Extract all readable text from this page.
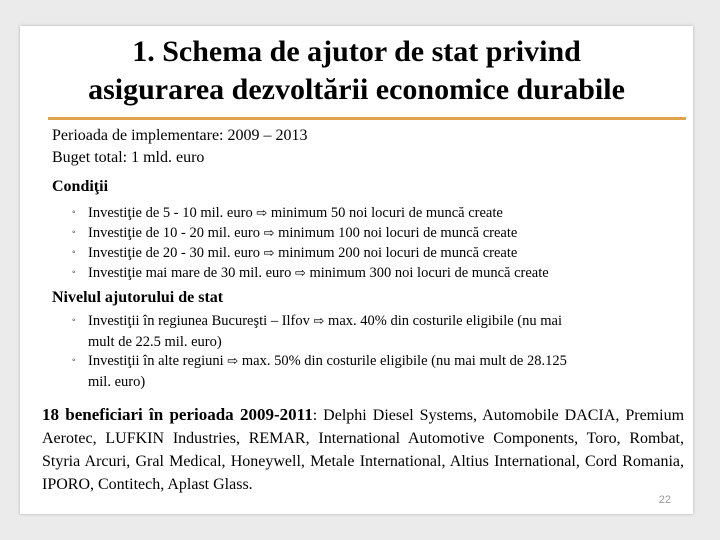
1. Schema de ajutor de stat privind
asigurarea dezvoltării economice durabile
Perioada de implementare: 2009 – 2013
Buget total: 1 mld. euro
Condiţii
◦ Investiţie de 5 - 10 mil. euro ⇨ minimum 50 noi locuri de muncă create
◦ Investiţie de 10 - 20 mil. euro ⇨ minimum 100 noi locuri de muncă create
◦ Investiţie de 20 - 30 mil. euro ⇨ minimum 200 noi locuri de muncă create
◦ Investiţie mai mare de 30 mil. euro ⇨ minimum 300 noi locuri de muncă create
Nivelul ajutorului de stat
◦ Investiţii în regiunea Bucureşti – Ilfov ⇨ max. 40% din costurile eligibile (nu mai
mult de 22.5 mil. euro)
◦ Investiţii în alte regiuni ⇨ max. 50% din costurile eligibile (nu mai mult de 28.125
mil. euro)
18 beneficiari în perioada 2009-2011: Delphi Diesel Systems, Automobile DACIA, Premium Aerotec, LUFKIN Industries, REMAR, International Automotive Components, Toro, Rombat, Styria Arcuri, Gral Medical, Honeywell, Metale International, Altius International, Cord Romania, IPORO, Contitech, Aplast Glass.
22
